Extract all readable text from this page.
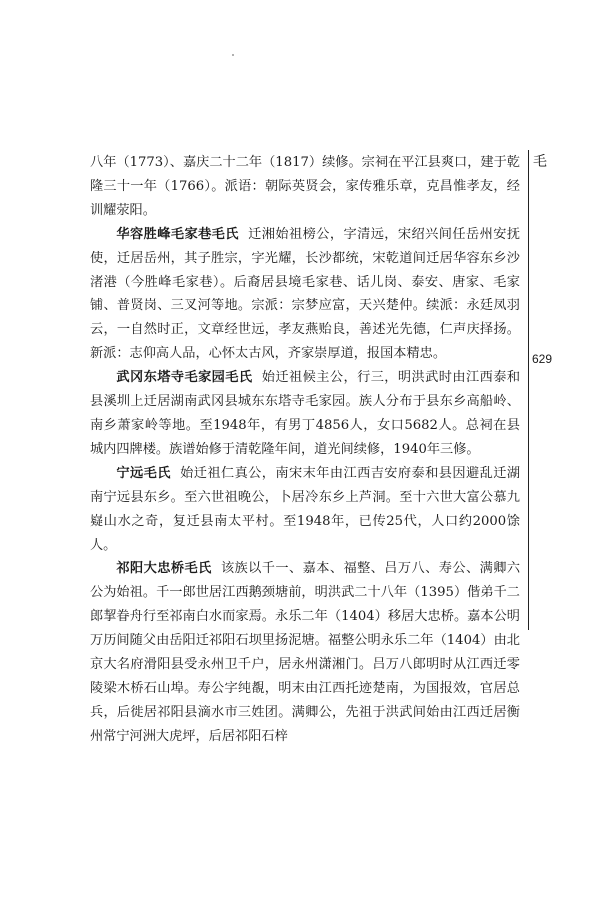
八年（1773）、嘉庆二十二年（1817）续修。宗祠在平江县爽口，建于乾隆三十一年（1766）。派语：朝际英贤会，家传雅乐章，克昌惟孝友，经训耀荥阳。

华容胜峰毛家巷毛氏 迁湘始祖榜公，字清远，宋绍兴间任岳州安抚使，迁居岳州，其子胜宗，字光耀，长沙都统，宋乾道间迁居华容东乡沙渚港（今胜峰毛家巷）。后裔居县境毛家巷、话儿岗、泰安、唐家、毛家铺、普贤岗、三叉河等地。宗派：宗梦应富，天兴楚仲。续派：永廷凤羽云，一自然时正，文章经世远，孝友燕贻良，善述光先德，仁声庆择扬。新派：志仰高人品，心怀太古风，齐家崇厚道，报国本精忠。

武冈东塔寺毛家园毛氏 始迁祖候主公，行三，明洪武时由江西泰和县溪圳上迁居湖南武冈县城东东塔寺毛家园。族人分布于县东乡高船岭、南乡萧家岭等地。至1948年，有男丁4856人，女口5682人。总祠在县城内四牌楼。族谱始修于清乾隆年间，道光间续修，1940年三修。

宁远毛氏 始迁祖仁真公，南宋末年由江西吉安府泰和县因避乱迁湖南宁远县东乡。至六世祖晚公，卜居冷东乡上芦洞。至十六世大富公慕九嶷山水之奇，复迁县南太平村。至1948年，已传25代，人口约2000馀人。

祁阳大忠桥毛氏 该族以千一、嘉本、福整、吕万八、寿公、满卿六公为始祖。千一郎世居江西鹅颈塘前，明洪武二十八年（1395）偕弟千二郎挈眷舟行至祁南白水而家焉。永乐二年（1404）移居大忠桥。嘉本公明万历间随父由岳阳迁祁阳石坝里扬泥塘。福整公明永乐二年（1404）由北京大名府滑阳县受永州卫千户，居永州潇湘门。吕万八郎明时从江西迁零陵梁木桥石山埠。寿公字纯覩，明末由江西托迹楚南，为国报效，官居总兵，后徙居祁阳县滴水市三姓团。满卿公，先祖于洪武间始由江西迁居衡州常宁河洲大虎坪，后居祁阳石梓

毛
629
